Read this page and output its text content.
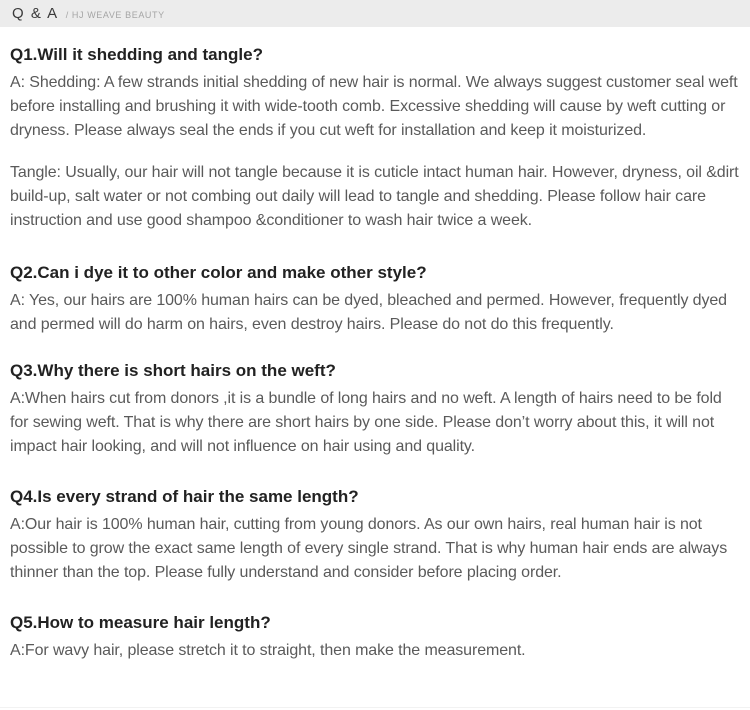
Q & A / HJ WEAVE BEAUTY
Q1.Will it shedding and tangle?

A: Shedding: A few strands initial shedding of new hair is normal. We always suggest customer seal weft before installing and brushing it with wide-tooth comb. Excessive shedding will cause by weft cutting or dryness. Please always seal the ends if you cut weft for installation and keep it moisturized.

Tangle: Usually, our hair will not tangle because it is cuticle intact human hair. However, dryness, oil &dirt build-up, salt water or not combing out daily will lead to tangle and shedding. Please follow hair care instruction and use good shampoo &conditioner to wash hair twice a week.

Q2.Can i dye it to other color and make other style?

A: Yes, our hairs are 100% human hairs can be dyed, bleached and permed. However, frequently dyed and permed will do harm on hairs, even destroy hairs. Please do not do this frequently.

Q3.Why there is short hairs on the weft?

A:When hairs cut from donors ,it is a bundle of long hairs and no weft. A length of hairs need to be fold for sewing weft. That is why there are short hairs by one side. Please don’t worry about this, it will not impact hair looking, and will not influence on hair using and quality.

Q4.Is every strand of hair the same length?

A:Our hair is 100% human hair, cutting from young donors. As our own hairs, real human hair is not possible to grow the exact same length of every single strand. That is why human hair ends are always thinner than the top. Please fully understand and consider before placing order.

Q5.How to measure hair length?

A:For wavy hair, please stretch it to straight, then make the measurement.
